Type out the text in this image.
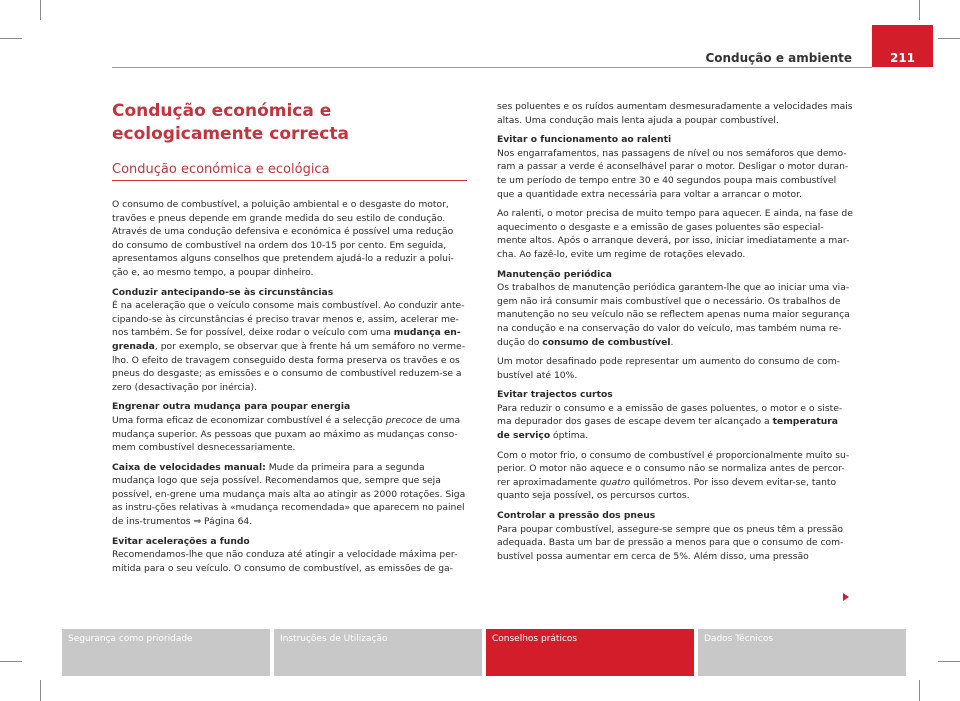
Condução e ambiente	211
Condução económica e ecologicamente correcta
Condução económica e ecológica

O consumo de combustível, a poluição ambiental e o desgaste do motor, travões e pneus depende em grande medida do seu estilo de condução. Através de uma condução defensiva e económica é possível uma redução do consumo de combustível na ordem dos 10-15 por cento. Em seguida, apresentamos alguns conselhos que pretendem ajudá-lo a reduzir a polui-ção e, ao mesmo tempo, a poupar dinheiro.

Conduzir antecipando-se às circunstâncias

É na aceleração que o veículo consome mais combustível. Ao conduzir ante-cipando-se às circunstâncias é preciso travar menos e, assim, acelerar me-nos também. Se for possível, deixe rodar o veículo com uma mudança en-grenada, por exemplo, se observar que à frente há um semáforo no verme-lho. O efeito de travagem conseguido desta forma preserva os travões e os pneus do desgaste; as emissões e o consumo de combustível reduzem-se a zero (desactivação por inércia).

Engrenar outra mudança para poupar energia

Uma forma eficaz de economizar combustível é a selecção precoce de uma mudança superior. As pessoas que puxam ao máximo as mudanças conso-mem combustível desnecessariamente.

Caixa de velocidades manual: Mude da primeira para a segunda mudança logo que seja possível. Recomendamos que, sempre que seja possível, en-grene uma mudança mais alta ao atingir as 2000 rotações. Siga as instru-ções relativas à «mudança recomendada» que aparecem no painel de ins-trumentos ⇒ Página 64.

Evitar acelerações a fundo

Recomendamos-lhe que não conduza até atingir a velocidade máxima per-mitida para o seu veículo. O consumo de combustível, as emissões de ga-

ses poluentes e os ruídos aumentam desmesuradamente a velocidades mais altas. Uma condução mais lenta ajuda a poupar combustível.

Evitar o funcionamento ao ralenti

Nos engarrafamentos, nas passagens de nível ou nos semáforos que demo-ram a passar a verde é aconselhável parar o motor. Desligar o motor duran-te um período de tempo entre 30 e 40 segundos poupa mais combustível que a quantidade extra necessária para voltar a arrancar o motor.

Ao ralenti, o motor precisa de muito tempo para aquecer. E ainda, na fase de aquecimento o desgaste e a emissão de gases poluentes são especial-mente altos. Após o arranque deverá, por isso, iniciar imediatamente a mar-cha. Ao fazê-lo, evite um regime de rotações elevado.

Manutenção periódica

Os trabalhos de manutenção periódica garantem-lhe que ao iniciar uma via-gem não irá consumir mais combustível que o necessário. Os trabalhos de manutenção no seu veículo não se reflectem apenas numa maior segurança na condução e na conservação do valor do veículo, mas também numa re-dução do consumo de combustível.

Um motor desafinado pode representar um aumento do consumo de com-bustível até 10%.

Evitar trajectos curtos

Para reduzir o consumo e a emissão de gases poluentes, o motor e o siste-ma depurador dos gases de escape devem ter alcançado a temperatura de serviço óptima.

Com o motor frio, o consumo de combustível é proporcionalmente muito su-perior. O motor não aquece e o consumo não se normaliza antes de percor-rer aproximadamente quatro quilómetros. Por isso devem evitar-se, tanto quanto seja possível, os percursos curtos.

Controlar a pressão dos pneus

Para poupar combustível, assegure-se sempre que os pneus têm a pressão adequada. Basta um bar de pressão a menos para que o consumo de com-bustível possa aumentar em cerca de 5%. Além disso, uma pressão

Segurança como prioridade	Instruções de Utilização	Conselhos práticos	Dados Técnicos
